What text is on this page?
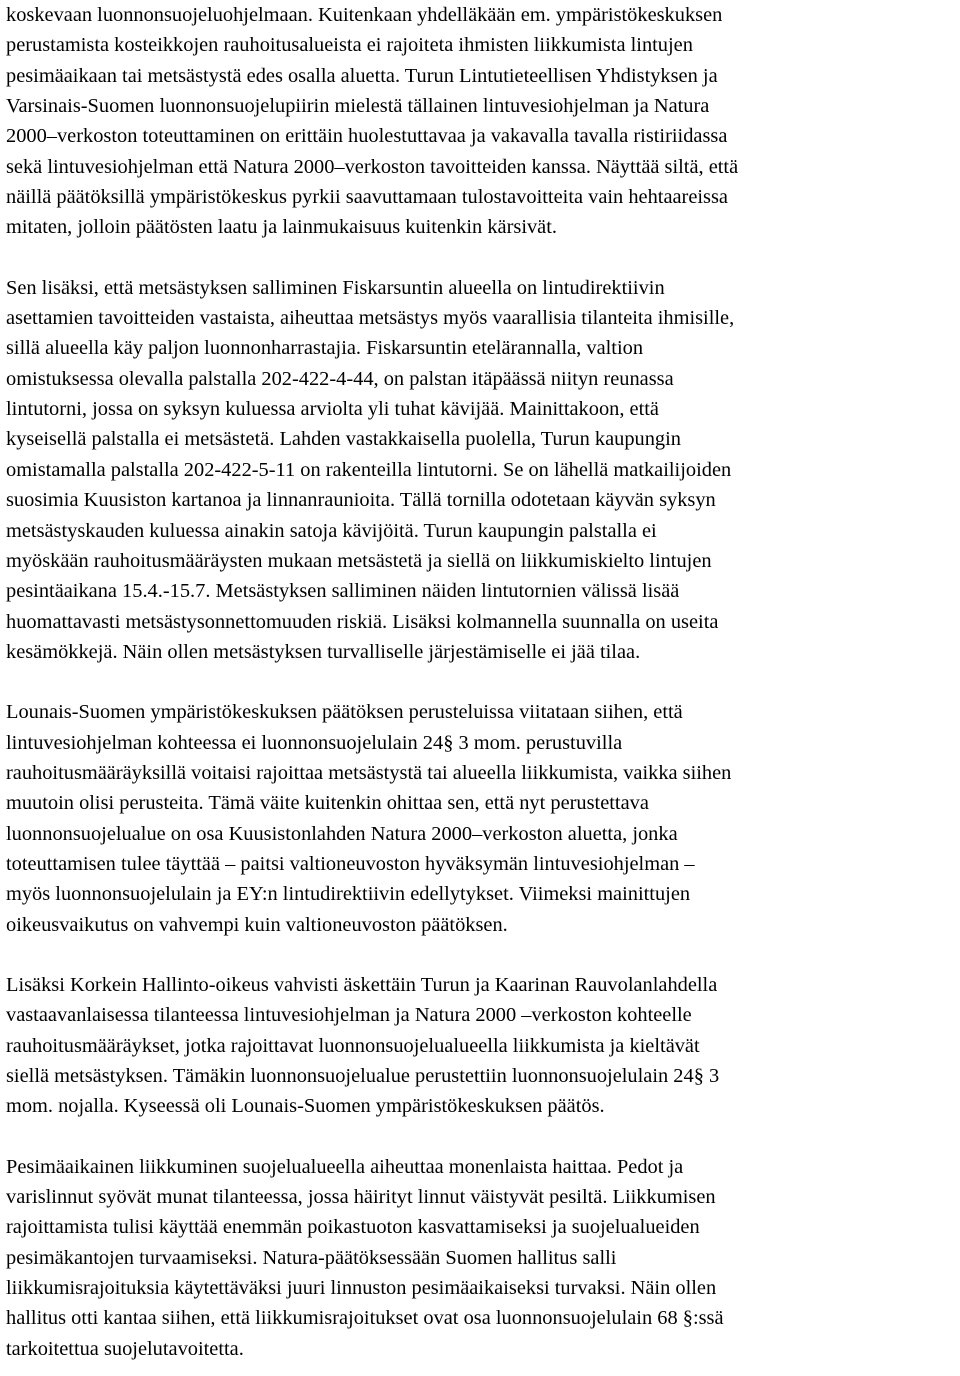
koskevaan luonnonsuojeluohjelmaan. Kuitenkaan yhdelläkään em. ympäristökeskuksen
perustamista kosteikkojen rauhoitusalueista ei rajoiteta ihmisten liikkumista lintujen
pesimäaikaan tai metsästystä edes osalla aluetta. Turun Lintutieteellisen Yhdistyksen ja
Varsinais-Suomen luonnonsuojelupiirin mielestä tällainen lintuvesiohjelman ja Natura
2000–verkoston toteuttaminen on erittäin huolestuttavaa ja vakavalla tavalla ristiriidassa
sekä lintuvesiohjelman että Natura 2000–verkoston tavoitteiden kanssa. Näyttää siltä, että
näillä päätöksillä ympäristökeskus pyrkii saavuttamaan tulostavoitteita vain hehtaareissa
mitaten, jolloin päätösten laatu ja lainmukaisuus kuitenkin kärsivät.
Sen lisäksi, että metsästyksen salliminen Fiskarsuntin alueella on lintudirektiivin
asettamien tavoitteiden vastaista, aiheuttaa metsästys myös vaarallisia tilanteita ihmisille,
sillä alueella käy paljon luonnonharrastajia. Fiskarsuntin etelärannalla, valtion
omistuksessa olevalla palstalla 202-422-4-44, on palstan itäpäässä niityn reunassa
lintutorni, jossa on syksyn kuluessa arviolta yli tuhat kävijää. Mainittakoon, että
kyseisellä palstalla ei metsästetä. Lahden vastakkaisella puolella, Turun kaupungin
omistamalla palstalla 202-422-5-11 on rakenteilla lintutorni. Se on lähellä matkailijoiden
suosimia Kuusiston kartanoa ja linnanraunioita. Tällä tornilla odotetaan käyvän syksyn
metsästyskauden kuluessa ainakin satoja kävijöitä. Turun kaupungin palstalla ei
myöskään rauhoitusmääräysten mukaan metsästetä ja siellä on liikkumiskielto lintujen
pesintäaikana 15.4.-15.7. Metsästyksen salliminen näiden lintutornien välissä lisää
huomattavasti metsästysonnettomuuden riskiä. Lisäksi kolmannella suunnalla on useita
kesämökkejä. Näin ollen metsästyksen turvalliselle järjestämiselle ei jää tilaa.
Lounais-Suomen ympäristökeskuksen päätöksen perusteluissa viitataan siihen, että
lintuvesiohjelman kohteessa ei luonnonsuojelulain 24§ 3 mom. perustuvilla
rauhoitusmääräyksillä voitaisi rajoittaa metsästystä tai alueella liikkumista, vaikka siihen
muutoin olisi perusteita. Tämä väite kuitenkin ohittaa sen, että nyt perustettava
luonnonsuojelualue on osa Kuusistonlahden Natura 2000–verkoston aluetta, jonka
toteuttamisen tulee täyttää – paitsi valtioneuvoston hyväksymän lintuvesiohjelman –
myös luonnonsuojelulain ja EY:n lintudirektiivin edellytykset. Viimeksi mainittujen
oikeusvaikutus on vahvempi kuin valtioneuvoston päätöksen.
Lisäksi Korkein Hallinto-oikeus vahvisti äskettäin Turun ja Kaarinan Rauvolanlahdella
vastaavanlaisessa tilanteessa lintuvesiohjelman ja Natura 2000 –verkoston kohteelle
rauhoitusmääräykset, jotka rajoittavat luonnonsuojelualueella liikkumista ja kieltävät
siellä metsästyksen. Tämäkin luonnonsuojelualue perustettiin luonnonsuojelulain 24§ 3
mom. nojalla. Kyseessä oli Lounais-Suomen ympäristökeskuksen päätös.
Pesimäaikainen liikkuminen suojelualueella aiheuttaa monenlaista haittaa. Pedot ja
varislinnut syövät munat tilanteessa, jossa häirityt linnut väistyvät pesiltä. Liikkumisen
rajoittamista tulisi käyttää enemmän poikastuoton kasvattamiseksi ja suojelualueiden
pesimäkantojen turvaamiseksi. Natura-päätöksessään Suomen hallitus salli
liikkumisrajoituksia käytettäväksi juuri linnuston pesimäaikaiseksi turvaksi. Näin ollen
hallitus otti kantaa siihen, että liikkumisrajoitukset ovat osa luonnonsuojelulain 68 §:ssä
tarkoitettua suojelutavoitetta.
